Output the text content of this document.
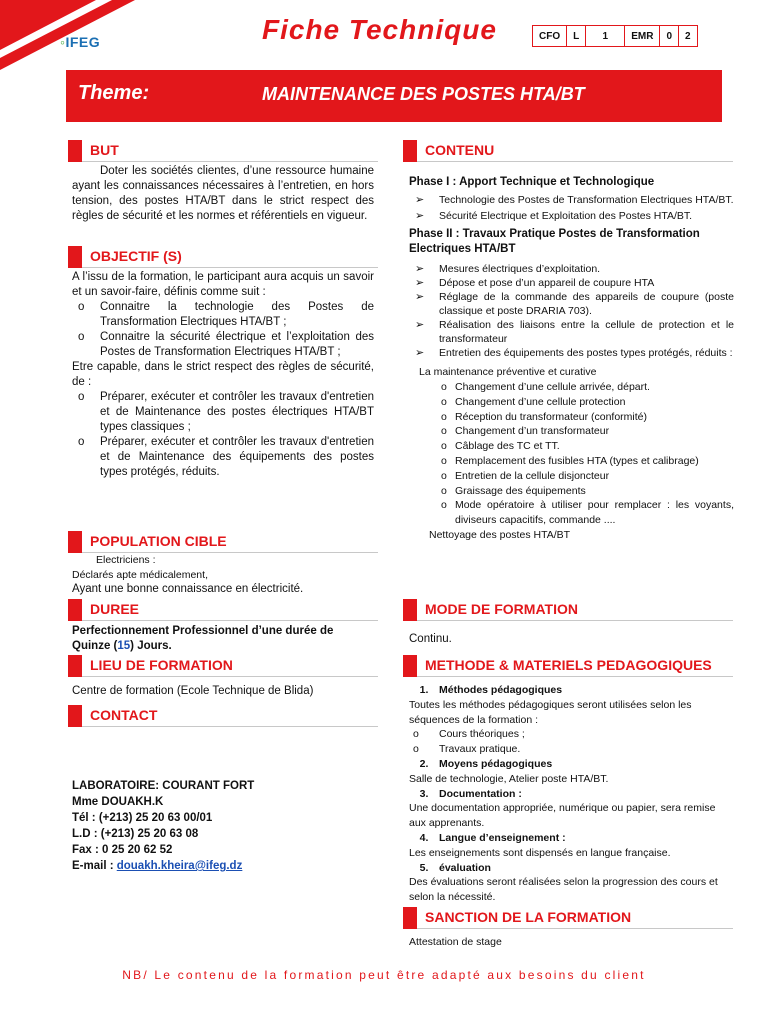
◦IFEG	Fiche Technique	CFO	L	1	EMR	0	2
Theme:	MAINTENANCE DES POSTES HTA/BT
BUT
Doter les sociétés clientes, d’une ressource humaine ayant les connaissances nécessaires à l’entretien, en hors tension, des postes HTA/BT dans le strict respect des règles de sécurité et les normes et référentiels en vigueur.
OBJECTIF (S)
A l’issu de la formation, le participant aura acquis un savoir et un savoir-faire, définis comme suit :
o Connaitre la technologie des Postes de Transformation Electriques HTA/BT ;
o Connaitre la sécurité électrique et l’exploitation des Postes de Transformation Electriques HTA/BT ;
Etre capable, dans le strict respect des règles de sécurité, de :
o Préparer, exécuter et contrôler les travaux d'entretien et de Maintenance des postes électriques HTA/BT types classiques ;
o Préparer, exécuter et contrôler les travaux d'entretien et de Maintenance des équipements des postes types protégés, réduits.
POPULATION CIBLE
Electriciens :
Déclarés apte médicalement,
Ayant une bonne connaissance en électricité.
DUREE
Perfectionnement Professionnel d’une durée de Quinze (15) Jours.
LIEU DE FORMATION
Centre de formation (Ecole Technique de Blida)
CONTACT
LABORATOIRE: COURANT FORT
Mme DOUAKH.K
Tél : (+213) 25 20 63 00/01
L.D : (+213) 25 20 63 08
Fax : 0 25 20 62 52
E-mail : douakh.kheira@ifeg.dz
CONTENU
Phase I : Apport Technique et Technologique
➢ Technologie des Postes de Transformation Electriques HTA/BT.
➢ Sécurité Electrique et Exploitation des Postes HTA/BT.
Phase II : Travaux Pratique Postes de Transformation Electriques HTA/BT
➢ Mesures électriques d’exploitation.
➢ Dépose et pose d’un appareil de coupure HTA
➢ Réglage de la commande des appareils de coupure (poste classique et poste DRARIA 703).
➢ Réalisation des liaisons entre la cellule de protection et le transformateur
➢ Entretien des équipements des postes types protégés, réduits :
La maintenance préventive et curative
o Changement d’une cellule arrivée, départ.
o Changement d’une cellule protection
o Réception du transformateur (conformité)
o Changement d’un transformateur
o Câblage des TC et TT.
o Remplacement des fusibles HTA (types et calibrage)
o Entretien de la cellule disjoncteur
o Graissage des équipements
o Mode opératoire à utiliser pour remplacer : les voyants, diviseurs capacitifs, commande ....
Nettoyage des postes HTA/BT
MODE DE FORMATION
Continu.
METHODE & MATERIELS PEDAGOGIQUES
1. Méthodes pédagogiques
Toutes les méthodes pédagogiques seront utilisées selon les séquences de la formation :
o Cours théoriques ;
o Travaux pratique.
2. Moyens pédagogiques
Salle de technologie, Atelier poste HTA/BT.
3. Documentation :
Une documentation appropriée, numérique ou papier, sera remise aux apprenants.
4. Langue d’enseignement :
Les enseignements sont dispensés en langue française.
5. évaluation
Des évaluations seront réalisées selon la progression des cours et selon la nécessité.
SANCTION DE LA FORMATION
Attestation de stage
NB/ Le contenu de la formation peut être adapté aux besoins du client
